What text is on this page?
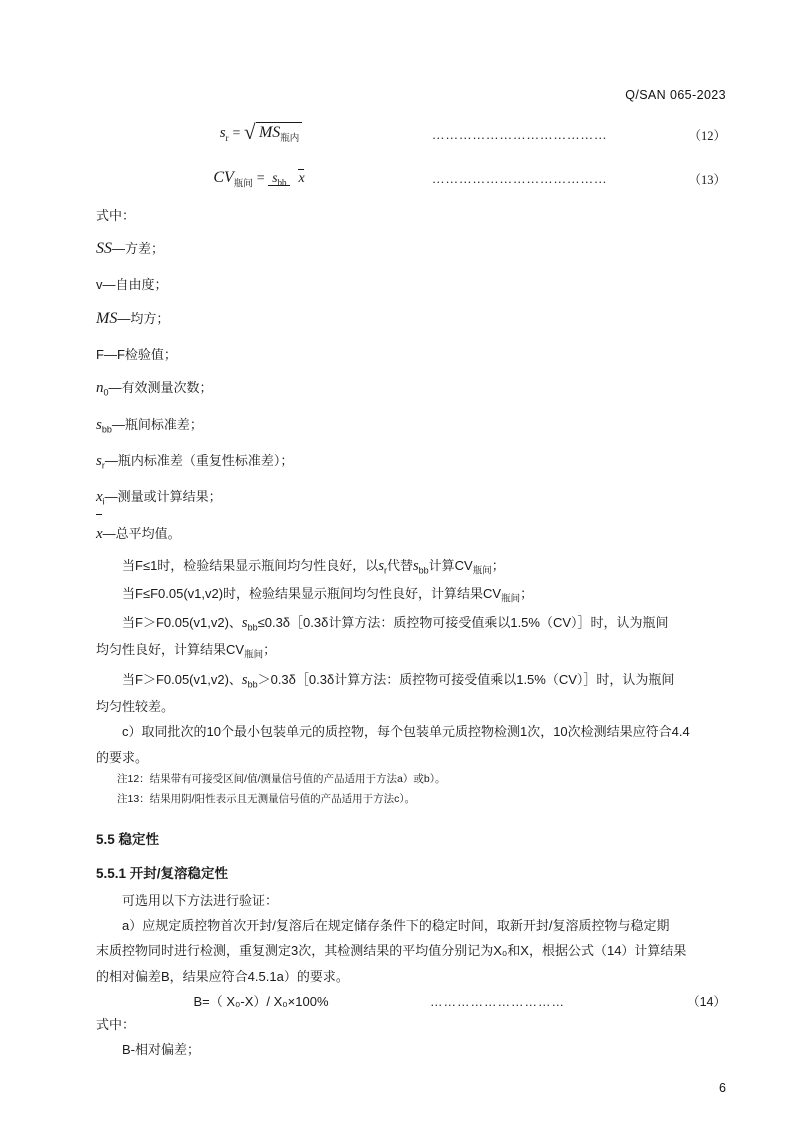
Q/SAN 065-2023
$s_r$ = √ $MS_{瓶内}$	…………………………………	（12）
$CV_{瓶间} = s_{bb}$ x	…………………………………	（13）
式中：
SS—方差；
v—自由度；
MS—均方；
F—F检验值；
$n_0—$有效测量次数；
$s_{bb}—$瓶间标准差；
$s_r—$瓶内标准差（重复性标准差）；
$x_i—$测量或计算结果；
x—总平均值。

当F≤1时，检验结果显示瓶间均匀性良好，以$s_r$代替$s_{bb}$计算$CV_{瓶间}$；

当F≤F0.05(v1,v2)时，检验结果显示瓶间均匀性良好，计算结果$CV_{瓶间}$；

当F＞F0.05(v1,v2)、$s_{bb}\le 0.3\delta[0.3\delta$计算方法：质控物可接受值乘以1.5%（CV）］时，认为瓶间

均匀性良好，计算结果$CV_{瓶间}$；

当F＞F0.05(v1,v2)、$s_{bb}>0.3\delta[0.3\delta$计算方法：质控物可接受值乘以1.5%（CV）］时，认为瓶间

均匀性较差。

c）取同批次的10个最小包装单元的质控物，每个包装单元质控物检测1次，10次检测结果应符合4.4

的要求。

注12：结果带有可接受区间/值/测量信号值的产品适用于方法a）或b）。

注13：结果用阴/阳性表示且无测量信号值的产品适用于方法c）。

5.5 稳定性
5.5.1 开封/复溶稳定性

可选用以下方法进行验证：

a）应规定质控物首次开封/复溶后在规定储存条件下的稳定时间，取新开封/复溶质控物与稳定期

末质控物同时进行检测，重复测定3次，其检测结果的平均值分别记为X₀和X，根据公式（14）计算结果

的相对偏差B，结果应符合4.5.1a）的要求。

B=（ X₀-X）/ X₀×100%	…………………………	（14）

式中：

B-相对偏差；

6
